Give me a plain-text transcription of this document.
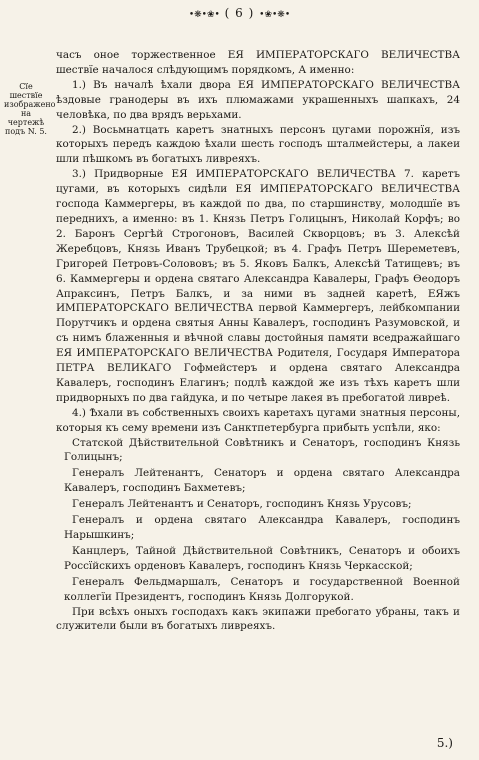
•❋•❀• ( 6 ) •❀•❋•
Сїе шествїе изображено на чертежѣ подъ N. 5.

часъ оное торжественное ЕЯ ИМПЕРАТОРСКАГО ВЕЛИЧЕСТВА шествїе началося слѣдующимъ порядкомъ, А именно:

1.) Въ началѣ ѣхали двора ЕЯ ИМПЕРАТОРСКАГО ВЕЛИЧЕСТВА ѣздовые гранодеры въ ихъ плюмажами украшенныхъ шапкахъ, 24 человѣка, по два врядъ верьхами.

2.) Восьмнатцать каретъ знатныхъ персонъ цугами порожнїя, изъ которыхъ передъ каждою ѣхали шесть господъ шталмейстеры, а лакеи шли пѣшкомъ въ богатыхъ ливреяхъ.

3.) Придворные ЕЯ ИМПЕРАТОРСКАГО ВЕЛИЧЕСТВА 7. каретъ цугами, въ которыхъ сидѣли ЕЯ ИМПЕРАТОРСКАГО ВЕЛИЧЕСТВА господа Каммергеры, въ каждой по два, по старшинству, молодшїе въ переднихъ, а именно: въ 1. Князь Петръ Голицынъ, Николай Корфъ; во 2. Баронъ Сергѣй Строгоновъ, Василей Скворцовъ; въ 3. Алексѣй Жеребцовъ, Князь Иванъ Трубецкой; въ 4. Графъ Петръ Шереметевъ, Григорей Петровъ-Солововъ; въ 5. Яковъ Балкъ, Алексѣй Татищевъ; въ 6. Каммергеры и ордена святаго Александра Кавалеры, Графъ Ѳеодоръ Апраксинъ, Петръ Балкъ, и за ними въ задней каретѣ, ЕЯжъ ИМПЕРАТОРСКАГО ВЕЛИЧЕСТВА первой Каммергеръ, лейбкомпании Порутчикъ и ордена святыя Анны Кавалеръ, господинъ Разумовской, и съ нимъ блаженныя и вѣчной славы достойныя памяти вседражайшаго ЕЯ ИМПЕРАТОРСКАГО ВЕЛИЧЕСТВА Родителя, Государя Императора ПЕТРА ВЕЛИКАГО Гофмейстеръ и ордена святаго Александра Кавалеръ, господинъ Елагинъ; подлѣ каждой же изъ тѣхъ каретъ шли придворныхъ по два гайдука, и по четыре лакея въ пребогатой ливреѣ.

4.) Ѣхали въ собственныхъ своихъ каретахъ цугами знатныя персоны, которыя къ сему времени изъ Санктпетербурга прибыть успѣли, яко:

Статской Дѣйствительной Совѣтникъ и Сенаторъ, господинъ Князь Голицынъ;

Генералъ Лейтенантъ, Сенаторъ и ордена святаго Александра Кавалеръ, господинъ Бахметевъ;

Генералъ Лейтенантъ и Сенаторъ, господинъ Князь Урусовъ;

Генералъ и ордена святаго Александра Кавалеръ, господинъ Нарышкинъ;

Канцлеръ, Тайной Дѣйствительной Совѣтникъ, Сенаторъ и обоихъ Россїйскихъ орденовъ Кавалеръ, господинъ Князь Черкасской;

Генералъ Фельдмаршалъ, Сенаторъ и государственной Военной коллегїи Президентъ, господинъ Князь Долгорукой.

При всѣхъ оныхъ господахъ какъ экипажи пребогато убраны, такъ и служители были въ богатыхъ ливреяхъ.

5.)
